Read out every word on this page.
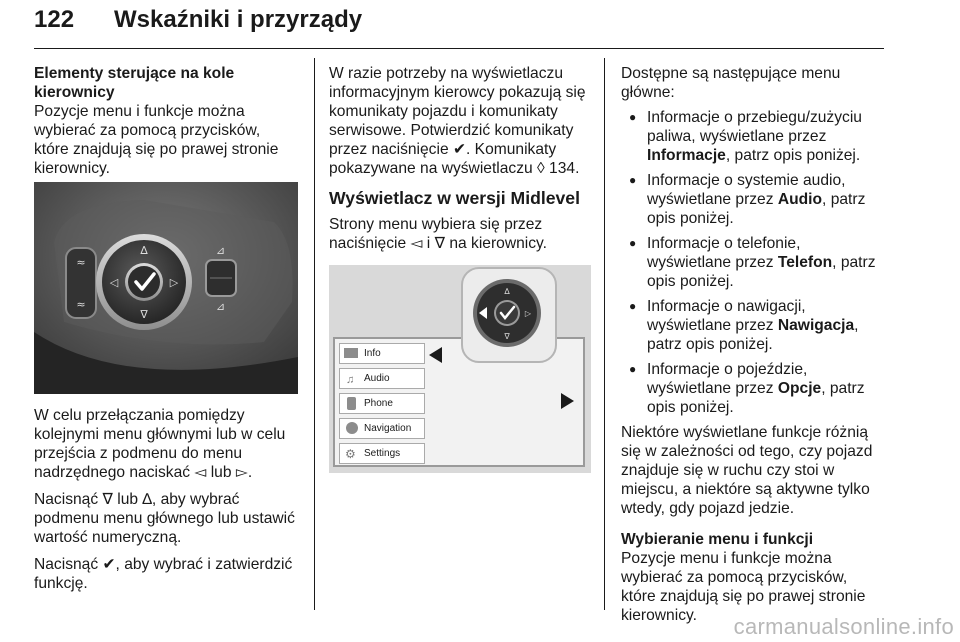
122 Wskaźniki i przyrządy
Elementy sterujące na kole
kierownicy

Pozycje menu i funkcje można
wybierać za pomocą przycisków,
które znajdują się po prawej stronie
kierownicy.

≈
≈
∆
∇
◁	▷
⊿
⊿

W celu przełączania pomiędzy
kolejnymi menu głównymi lub w celu
przejścia z podmenu do menu
nadrzędnego naciskać ◅ lub ▻.

Nacisnąć ∇ lub ∆, aby wybrać
podmenu menu głównego lub ustawić
wartość numeryczną.

Nacisnąć ✔, aby wybrać i zatwierdzić
funkcję.

W razie potrzeby na wyświetlaczu
informacyjnym kierowcy pokazują się
komunikaty pojazdu i komunikaty
serwisowe. Potwierdzić komunikaty
przez naciśnięcie ✔. Komunikaty
pokazywane na wyświetlaczu ◊ 134.

Wyświetlacz w wersji Midlevel

Strony menu wybiera się przez
naciśnięcie ◅ i ∇ na kierownicy.

Info
♫ Audio
Phone
Navigation
⚙ Settings
∆
∇
▷

Dostępne są następujące menu
główne:

● Informacje o przebiegu/zużyciu
paliwa, wyświetlane przez
Informacje, patrz opis poniżej.
● Informacje o systemie audio,
wyświetlane przez Audio, patrz
opis poniżej.
● Informacje o telefonie,
wyświetlane przez Telefon, patrz
opis poniżej.
● Informacje o nawigacji,
wyświetlane przez Nawigacja,
patrz opis poniżej.
● Informacje o pojeździe,
wyświetlane przez Opcje, patrz
opis poniżej.

Niektóre wyświetlane funkcje różnią
się w zależności od tego, czy pojazd
znajduje się w ruchu czy stoi w
miejscu, a niektóre są aktywne tylko
wtedy, gdy pojazd jedzie.

Wybieranie menu i funkcji

Pozycje menu i funkcje można
wybierać za pomocą przycisków,
które znajdują się po prawej stronie
kierownicy.	carmanualsonline.info
